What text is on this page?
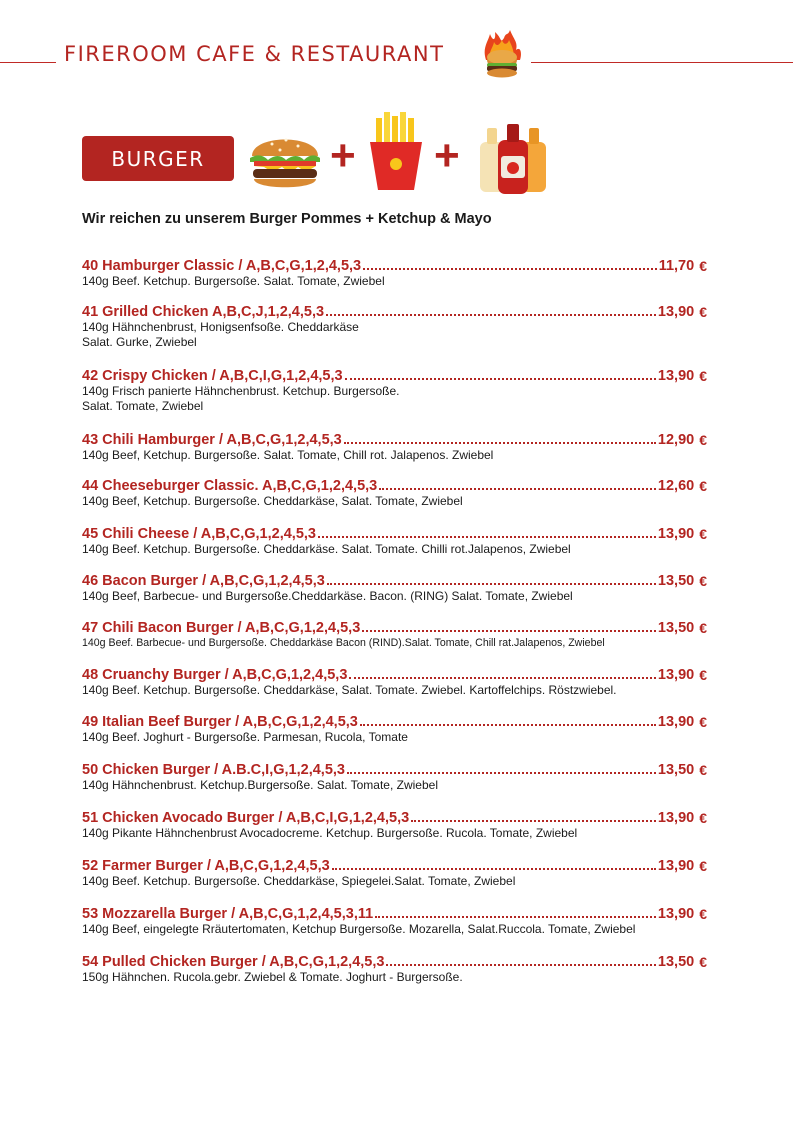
FIREROOM CAFE & RESTAURANT
BURGER	+ +
Wir reichen zu unserem Burger Pommes + Ketchup & Mayo
40 Hamburger Classic / A,B,C,G,1,2,4,5,3	11,70 €
140g Beef. Ketchup. Burgersoße. Salat. Tomate, Zwiebel
41 Grilled Chicken A,B,C,J,1,2,4,5,3	13,90 €
140g Hähnchenbrust, Honigsenfsoße. Cheddarkäse
Salat. Gurke, Zwiebel
42 Crispy Chicken / A,B,C,I,G,1,2,4,5,3	13,90 €
140g Frisch panierte Hähnchenbrust. Ketchup. Burgersoße.
Salat. Tomate, Zwiebel
43 Chili Hamburger / A,B,C,G,1,2,4,5,3	12,90 €
140g Beef, Ketchup. Burgersoße. Salat. Tomate, Chill rot. Jalapenos. Zwiebel
44 Cheeseburger Classic. A,B,C,G,1,2,4,5,3	12,60 €
140g Beef, Ketchup. Burgersoße. Cheddarkäse, Salat. Tomate, Zwiebel
45 Chili Cheese / A,B,C,G,1,2,4,5,3	13,90 €
140g Beef. Ketchup. Burgersoße. Cheddarkäse. Salat. Tomate. Chilli rot.Jalapenos, Zwiebel
46 Bacon Burger / A,B,C,G,1,2,4,5,3	13,50 €
140g Beef, Barbecue- und Burgersoße.Cheddarkäse. Bacon. (RING) Salat. Tomate, Zwiebel
47 Chili Bacon Burger / A,B,C,G,1,2,4,5,3	13,50 €
140g Beef. Barbecue- und Burgersoße. Cheddarkäse Bacon (RIND).Salat. Tomate, Chill rat.Jalapenos, Zwiebel
48 Cruanchy Burger / A,B,C,G,1,2,4,5,3	13,90 €
140g Beef. Ketchup. Burgersoße. Cheddarkäse, Salat. Tomate. Zwiebel. Kartoffelchips. Röstzwiebel.
49 Italian Beef Burger / A,B,C,G,1,2,4,5,3	13,90 €
140g Beef. Joghurt - Burgersoße. Parmesan, Rucola, Tomate
50 Chicken Burger / A.B.C,I,G,1,2,4,5,3	13,50 €
140g Hähnchenbrust. Ketchup.Burgersoße. Salat. Tomate, Zwiebel
51 Chicken Avocado Burger / A,B,C,I,G,1,2,4,5,3	13,90 €
140g Pikante Hähnchenbrust Avocadocreme. Ketchup. Burgersoße. Rucola. Tomate, Zwiebel
52 Farmer Burger / A,B,C,G,1,2,4,5,3	13,90 €
140g Beef. Ketchup. Burgersoße. Cheddarkäse, Spiegelei.Salat. Tomate, Zwiebel
53 Mozzarella Burger / A,B,C,G,1,2,4,5,3,11	13,90 €
140g Beef, eingelegte Rräutertomaten, Ketchup Burgersoße. Mozarella, Salat.Ruccola. Tomate, Zwiebel
54 Pulled Chicken Burger / A,B,C,G,1,2,4,5,3	13,50 €
150g Hähnchen. Rucola.gebr. Zwiebel & Tomate. Joghurt - Burgersoße.
